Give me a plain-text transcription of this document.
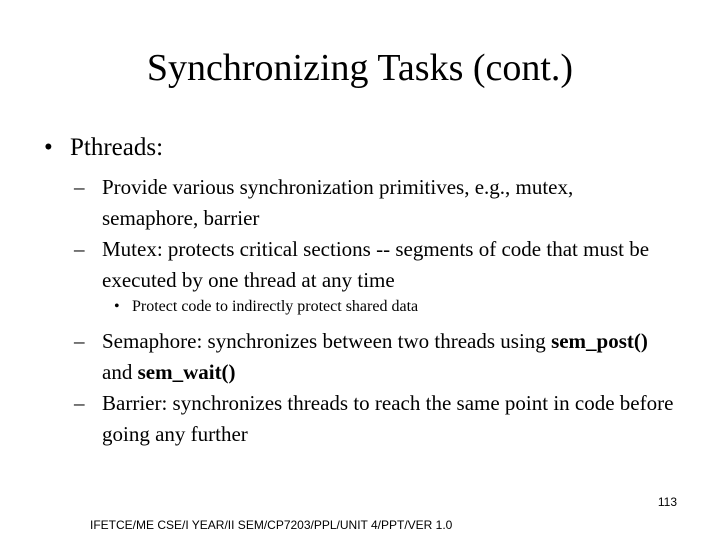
Synchronizing Tasks (cont.)
• Pthreads:
– Provide various synchronization primitives, e.g., mutex, semaphore, barrier
– Mutex: protects critical sections -- segments of code that must be executed by one thread at any time
• Protect code to indirectly protect shared data
– Semaphore: synchronizes between two threads using sem_post() and sem_wait()
– Barrier: synchronizes threads to reach the same point in code before going any further
113
IFETCE/ME CSE/I YEAR/II SEM/CP7203/PPL/UNIT 4/PPT/VER 1.0
